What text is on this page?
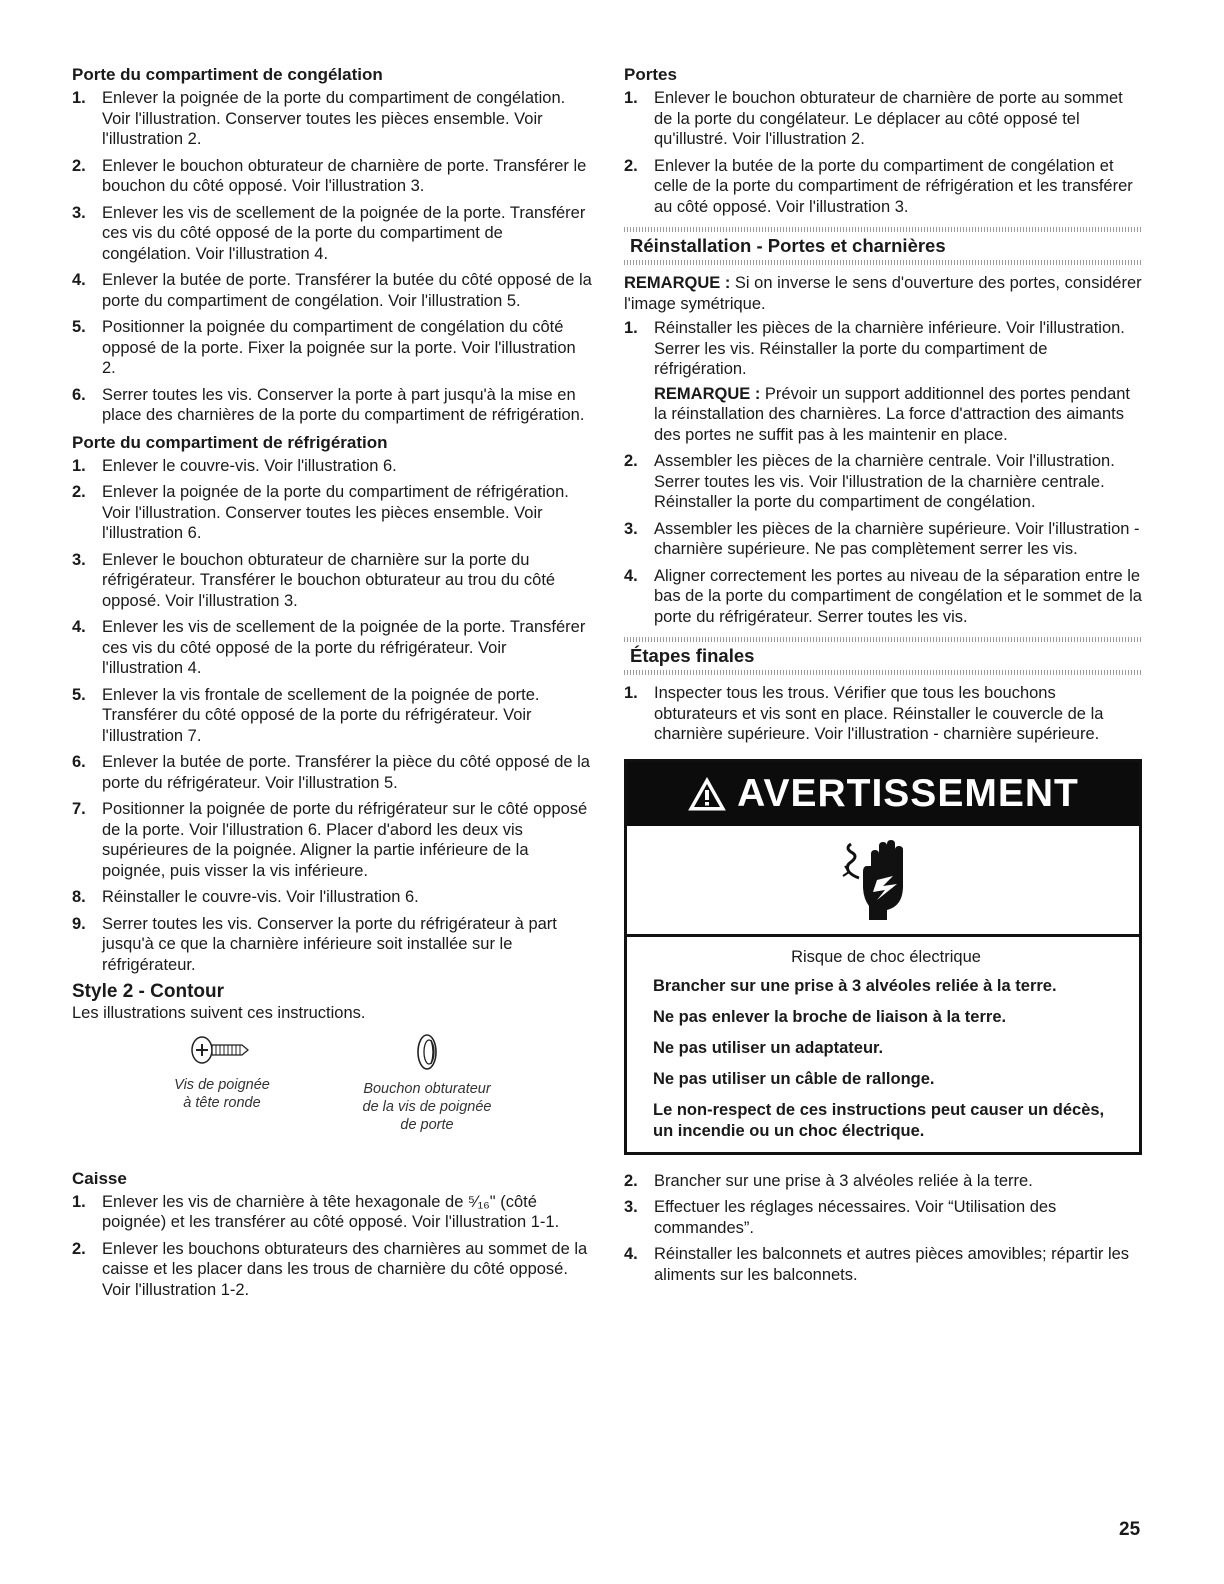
Porte du compartiment de congélation
1. Enlever la poignée de la porte du compartiment de congélation. Voir l'illustration. Conserver toutes les pièces ensemble. Voir l'illustration 2.
2. Enlever le bouchon obturateur de charnière de porte. Transférer le bouchon du côté opposé. Voir l'illustration 3.
3. Enlever les vis de scellement de la poignée de la porte. Transférer ces vis du côté opposé de la porte du compartiment de congélation. Voir l'illustration 4.
4. Enlever la butée de porte. Transférer la butée du côté opposé de la porte du compartiment de congélation. Voir l'illustration 5.
5. Positionner la poignée du compartiment de congélation du côté opposé de la porte. Fixer la poignée sur la porte. Voir l'illustration 2.
6. Serrer toutes les vis. Conserver la porte à part jusqu'à la mise en place des charnières de la porte du compartiment de réfrigération.
Porte du compartiment de réfrigération
1. Enlever le couvre-vis. Voir l'illustration 6.
2. Enlever la poignée de la porte du compartiment de réfrigération. Voir l'illustration. Conserver toutes les pièces ensemble. Voir l'illustration 6.
3. Enlever le bouchon obturateur de charnière sur la porte du réfrigérateur. Transférer le bouchon obturateur au trou du côté opposé. Voir l'illustration 3.
4. Enlever les vis de scellement de la poignée de la porte. Transférer ces vis du côté opposé de la porte du réfrigérateur. Voir l'illustration 4.
5. Enlever la vis frontale de scellement de la poignée de porte. Transférer du côté opposé de la porte du réfrigérateur. Voir l'illustration 7.
6. Enlever la butée de porte. Transférer la pièce du côté opposé de la porte du réfrigérateur. Voir l'illustration 5.
7. Positionner la poignée de porte du réfrigérateur sur le côté opposé de la porte. Voir l'illustration 6. Placer d'abord les deux vis supérieures de la poignée. Aligner la partie inférieure de la poignée, puis visser la vis inférieure.
8. Réinstaller le couvre-vis. Voir l'illustration 6.
9. Serrer toutes les vis. Conserver la porte du réfrigérateur à part jusqu'à ce que la charnière inférieure soit installée sur le réfrigérateur.
Style 2 - Contour

Les illustrations suivent ces instructions.

Vis de poignée
à tête ronde
Bouchon obturateur
de la vis de poignée
de porte
Caisse
1. Enlever les vis de charnière à tête hexagonale de ⁵⁄₁₆" (côté poignée) et les transférer au côté opposé. Voir l'illustration 1-1.
2. Enlever les bouchons obturateurs des charnières au sommet de la caisse et les placer dans les trous de charnière du côté opposé. Voir l'illustration 1-2.
Portes
1. Enlever le bouchon obturateur de charnière de porte au sommet de la porte du congélateur. Le déplacer au côté opposé tel qu'illustré. Voir l'illustration 2.
2. Enlever la butée de la porte du compartiment de congélation et celle de la porte du compartiment de réfrigération et les transférer au côté opposé. Voir l'illustration 3.
Réinstallation - Portes et charnières

REMARQUE : Si on inverse le sens d'ouverture des portes, considérer l'image symétrique.

1. Réinstaller les pièces de la charnière inférieure. Voir l'illustration. Serrer les vis. Réinstaller la porte du compartiment de réfrigération.
REMARQUE : Prévoir un support additionnel des portes pendant la réinstallation des charnières. La force d'attraction des aimants des portes ne suffit pas à les maintenir en place.
2. Assembler les pièces de la charnière centrale. Voir l'illustration. Serrer toutes les vis. Voir l'illustration de la charnière centrale. Réinstaller la porte du compartiment de congélation.
3. Assembler les pièces de la charnière supérieure. Voir l'illustration - charnière supérieure. Ne pas complètement serrer les vis.
4. Aligner correctement les portes au niveau de la séparation entre le bas de la porte du compartiment de congélation et le sommet de la porte du réfrigérateur. Serrer toutes les vis.
Étapes finales
1. Inspecter tous les trous. Vérifier que tous les bouchons obturateurs et vis sont en place. Réinstaller le couvercle de la charnière supérieure. Voir l'illustration - charnière supérieure.
AVERTISSEMENT

Risque de choc électrique

Brancher sur une prise à 3 alvéoles reliée à la terre.

Ne pas enlever la broche de liaison à la terre.

Ne pas utiliser un adaptateur.

Ne pas utiliser un câble de rallonge.

Le non-respect de ces instructions peut causer un décès, un incendie ou un choc électrique.

2. Brancher sur une prise à 3 alvéoles reliée à la terre.
3. Effectuer les réglages nécessaires. Voir “Utilisation des commandes”.
4. Réinstaller les balconnets et autres pièces amovibles; répartir les aliments sur les balconnets.
25
